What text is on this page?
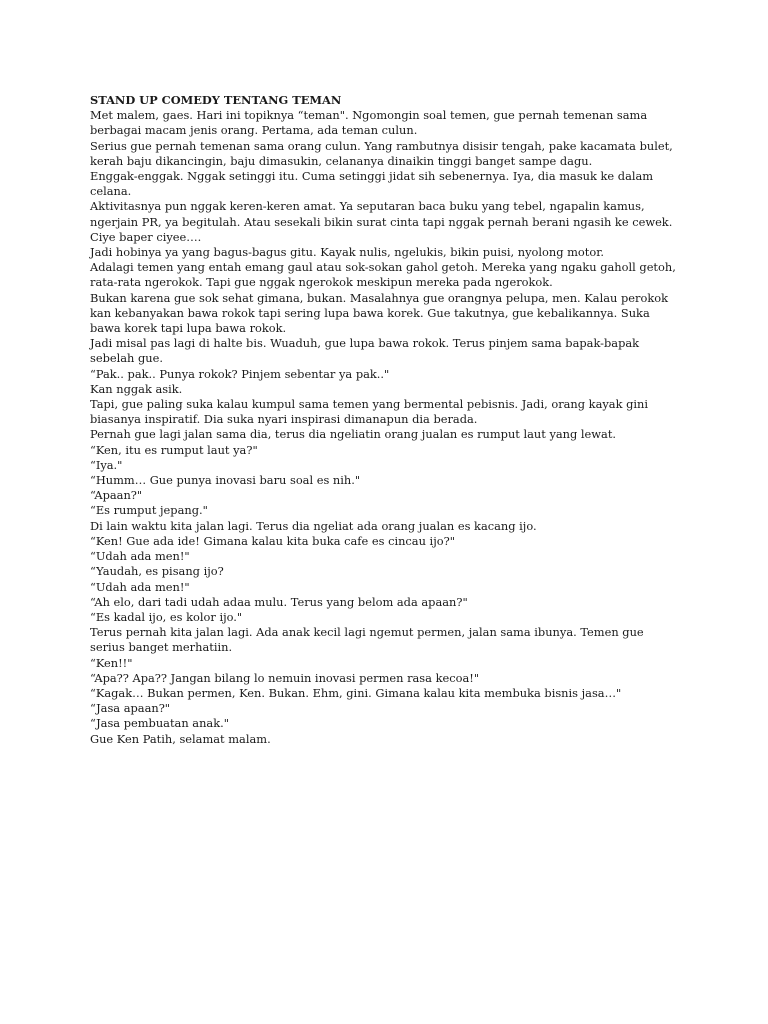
STAND UP COMEDY TENTANG TEMAN

Met malem, gaes. Hari ini topiknya “teman". Ngomongin soal temen, gue pernah temenan sama berbagai macam jenis orang. Pertama, ada teman culun.

Serius gue pernah temenan sama orang culun. Yang rambutnya disisir tengah, pake kacamata bulet, kerah baju dikancingin, baju dimasukin, celananya dinaikin tinggi banget sampe dagu.

Enggak-enggak. Nggak setinggi itu. Cuma setinggi jidat sih sebenernya. Iya, dia masuk ke dalam celana.

Aktivitasnya pun nggak keren-keren amat. Ya seputaran baca buku yang tebel, ngapalin kamus, ngerjain PR, ya begitulah. Atau sesekali bikin surat cinta tapi nggak pernah berani ngasih ke cewek. Ciye baper ciyee….

Jadi hobinya ya yang bagus-bagus gitu. Kayak nulis, ngelukis, bikin puisi, nyolong motor.

Adalagi temen yang entah emang gaul atau sok-sokan gahol getoh. Mereka yang ngaku gaholl getoh, rata-rata ngerokok. Tapi gue nggak ngerokok meskipun mereka pada ngerokok.

Bukan karena gue sok sehat gimana, bukan. Masalahnya gue orangnya pelupa, men. Kalau perokok kan kebanyakan bawa rokok tapi sering lupa bawa korek. Gue takutnya, gue kebalikannya. Suka bawa korek tapi lupa bawa rokok.

Jadi misal pas lagi di halte bis. Wuaduh, gue lupa bawa rokok. Terus pinjem sama bapak-bapak sebelah gue.

“Pak.. pak.. Punya rokok? Pinjem sebentar ya pak.."

Kan nggak asik.

Tapi, gue paling suka kalau kumpul sama temen yang bermental pebisnis. Jadi, orang kayak gini biasanya inspiratif. Dia suka nyari inspirasi dimanapun dia berada.

Pernah gue lagi jalan sama dia, terus dia ngeliatin orang jualan es rumput laut yang lewat.

“Ken, itu es rumput laut ya?"

“Iya."

“Humm… Gue punya inovasi baru soal es nih."

“Apaan?"

“Es rumput jepang."

Di lain waktu kita jalan lagi. Terus dia ngeliat ada orang jualan es kacang ijo.

“Ken! Gue ada ide! Gimana kalau kita buka cafe es cincau ijo?"

“Udah ada men!"

“Yaudah, es pisang ijo?

“Udah ada men!"

“Ah elo, dari tadi udah adaa mulu. Terus yang belom ada apaan?"

“Es kadal ijo, es kolor ijo."

Terus pernah kita jalan lagi. Ada anak kecil lagi ngemut permen, jalan sama ibunya. Temen gue serius banget merhatiin.

“Ken!!"

“Apa?? Apa?? Jangan bilang lo nemuin inovasi permen rasa kecoa!"

“Kagak… Bukan permen, Ken. Bukan. Ehm, gini. Gimana kalau kita membuka bisnis jasa…"

“Jasa apaan?"

“Jasa pembuatan anak."

Gue Ken Patih, selamat malam.
